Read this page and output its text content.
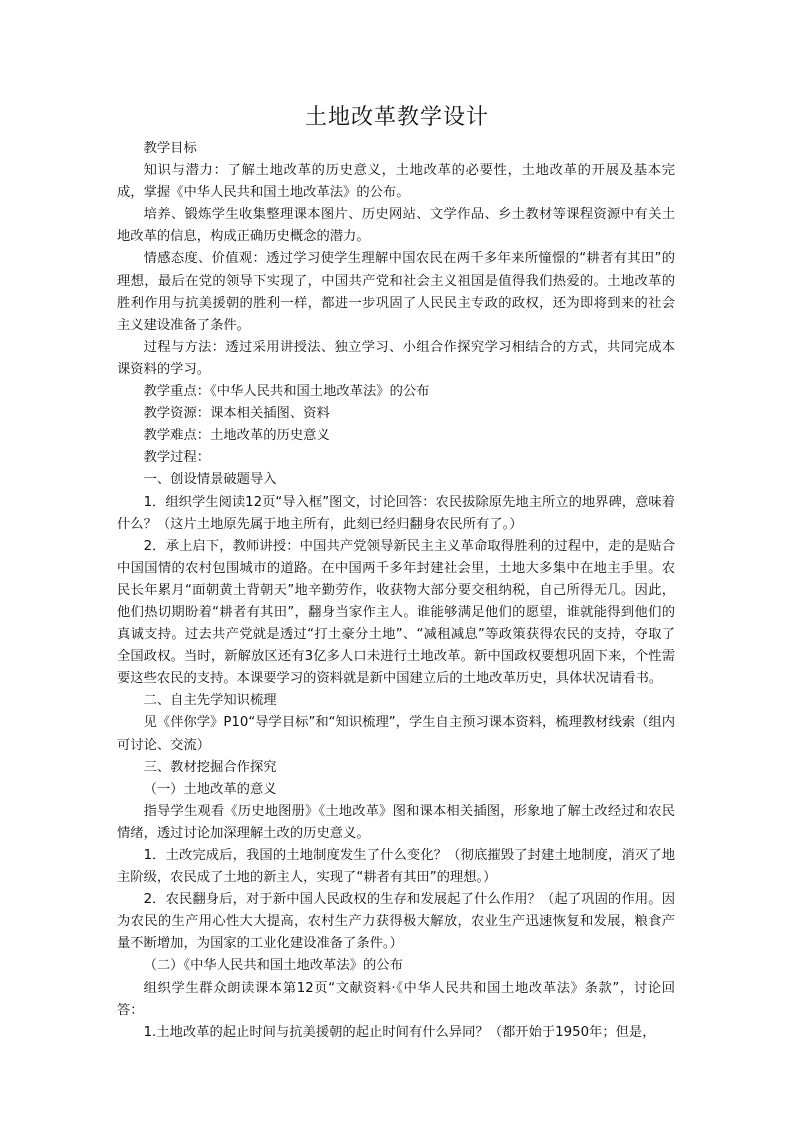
土地改革教学设计

教学目标

知识与潜力：了解土地改革的历史意义，土地改革的必要性，土地改革的开展及基本完成，掌握《中华人民共和国土地改革法》的公布。

培养、锻炼学生收集整理课本图片、历史网站、文学作品、乡土教材等课程资源中有关土地改革的信息，构成正确历史概念的潜力。

情感态度、价值观：透过学习使学生理解中国农民在两千多年来所憧憬的“耕者有其田”的理想，最后在党的领导下实现了，中国共产党和社会主义祖国是值得我们热爱的。土地改革的胜利作用与抗美援朝的胜利一样，都进一步巩固了人民民主专政的政权，还为即将到来的社会主义建设准备了条件。

过程与方法：透过采用讲授法、独立学习、小组合作探究学习相结合的方式，共同完成本课资料的学习。

教学重点：《中华人民共和国土地改革法》的公布

教学资源：课本相关插图、资料

教学难点：土地改革的历史意义

教学过程：

一、创设情景破题导入

1．组织学生阅读12页“导入框”图文，讨论回答：农民拔除原先地主所立的地界碑，意味着什么？（这片土地原先属于地主所有，此刻已经归翻身农民所有了。）

2．承上启下，教师讲授：中国共产党领导新民主主义革命取得胜利的过程中，走的是贴合中国国情的农村包围城市的道路。在中国两千多年封建社会里，土地大多集中在地主手里。农民长年累月“面朝黄土背朝天”地辛勤劳作，收获物大部分要交租纳税，自己所得无几。因此，他们热切期盼着“耕者有其田”，翻身当家作主人。谁能够满足他们的愿望，谁就能得到他们的真诚支持。过去共产党就是透过“打土豪分土地”、“减租减息”等政策获得农民的支持，夺取了全国政权。当时，新解放区还有3亿多人口未进行土地改革。新中国政权要想巩固下来，个性需要这些农民的支持。本课要学习的资料就是新中国建立后的土地改革历史，具体状况请看书。

二、自主先学知识梳理

见《伴你学》P10“导学目标”和“知识梳理”，学生自主预习课本资料，梳理教材线索（组内可讨论、交流）

三、教材挖掘合作探究

（一）土地改革的意义

指导学生观看《历史地图册》《土地改革》图和课本相关插图，形象地了解土改经过和农民情绪，透过讨论加深理解土改的历史意义。

1．土改完成后，我国的土地制度发生了什么变化？（彻底摧毁了封建土地制度，消灭了地主阶级，农民成了土地的新主人，实现了“耕者有其田”的理想。）

2．农民翻身后，对于新中国人民政权的生存和发展起了什么作用？（起了巩固的作用。因为农民的生产用心性大大提高，农村生产力获得极大解放，农业生产迅速恢复和发展，粮食产量不断增加，为国家的工业化建设准备了条件。）

（二）《中华人民共和国土地改革法》的公布

组织学生群众朗读课本第12页“文献资料·《中华人民共和国土地改革法》条款”，讨论回答：

1.土地改革的起止时间与抗美援朝的起止时间有什么异同？（都开始于1950年；但是，
